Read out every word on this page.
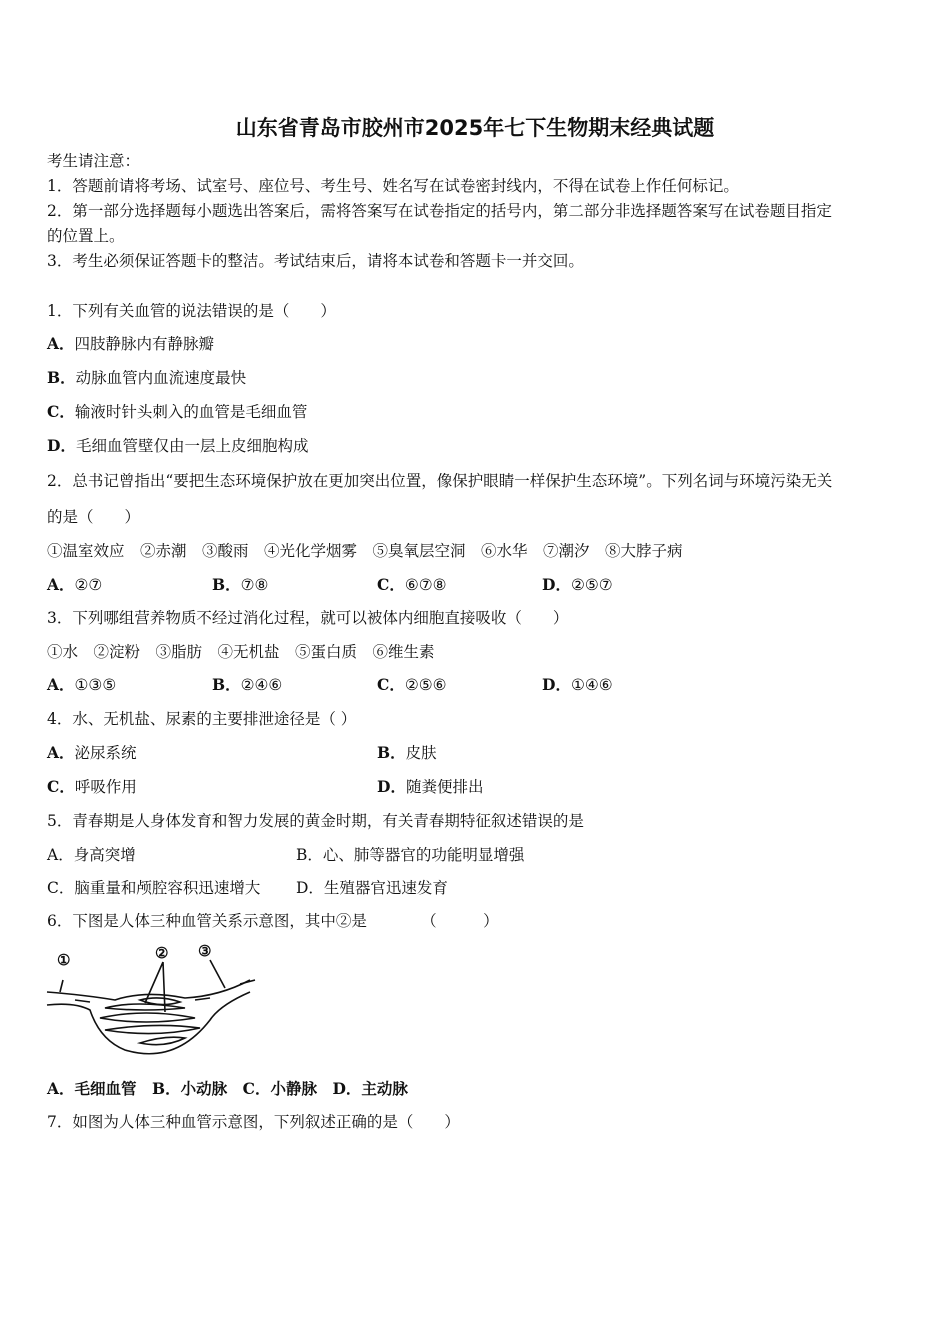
山东省青岛市胶州市2025年七下生物期末经典试题
考生请注意：
1．答题前请将考场、试室号、座位号、考生号、姓名写在试卷密封线内，不得在试卷上作任何标记。
2．第一部分选择题每小题选出答案后，需将答案写在试卷指定的括号内，第二部分非选择题答案写在试卷题目指定
的位置上。
3．考生必须保证答题卡的整洁。考试结束后，请将本试卷和答题卡一并交回。
1．下列有关血管的说法错误的是（　　）
A．四肢静脉内有静脉瓣
B．动脉血管内血流速度最快
C．输液时针头刺入的血管是毛细血管
D．毛细血管壁仅由一层上皮细胞构成
2．总书记曾指出“要把生态环境保护放在更加突出位置，像保护眼睛一样保护生态环境”。下列名词与环境污染无关
的是（　　）
①温室效应　②赤潮　③酸雨　④光化学烟雾　⑤臭氧层空洞　⑥水华　⑦潮汐　⑧大脖子病
A．②⑦	B．⑦⑧	C．⑥⑦⑧	D．②⑤⑦
3．下列哪组营养物质不经过消化过程，就可以被体内细胞直接吸收（　　）
①水　②淀粉　③脂肪　④无机盐　⑤蛋白质　⑥维生素
A．①③⑤	B．②④⑥	C．②⑤⑥	D．①④⑥
4．水、无机盐、尿素的主要排泄途径是（ ）
A．泌尿系统	B．皮肤
C．呼吸作用	D．随粪便排出
5．青春期是人身体发育和智力发展的黄金时期，有关青春期特征叙述错误的是
A．身高突增	B．心、肺等器官的功能明显增强
C．脑重量和颅腔容积迅速增大 D．生殖器官迅速发育
6．下图是人体三种血管关系示意图，其中②是　　　　（　　　）
①	② ③
A．毛细血管　B．小动脉　C．小静脉　D．主动脉
7．如图为人体三种血管示意图，下列叙述正确的是（　　）
